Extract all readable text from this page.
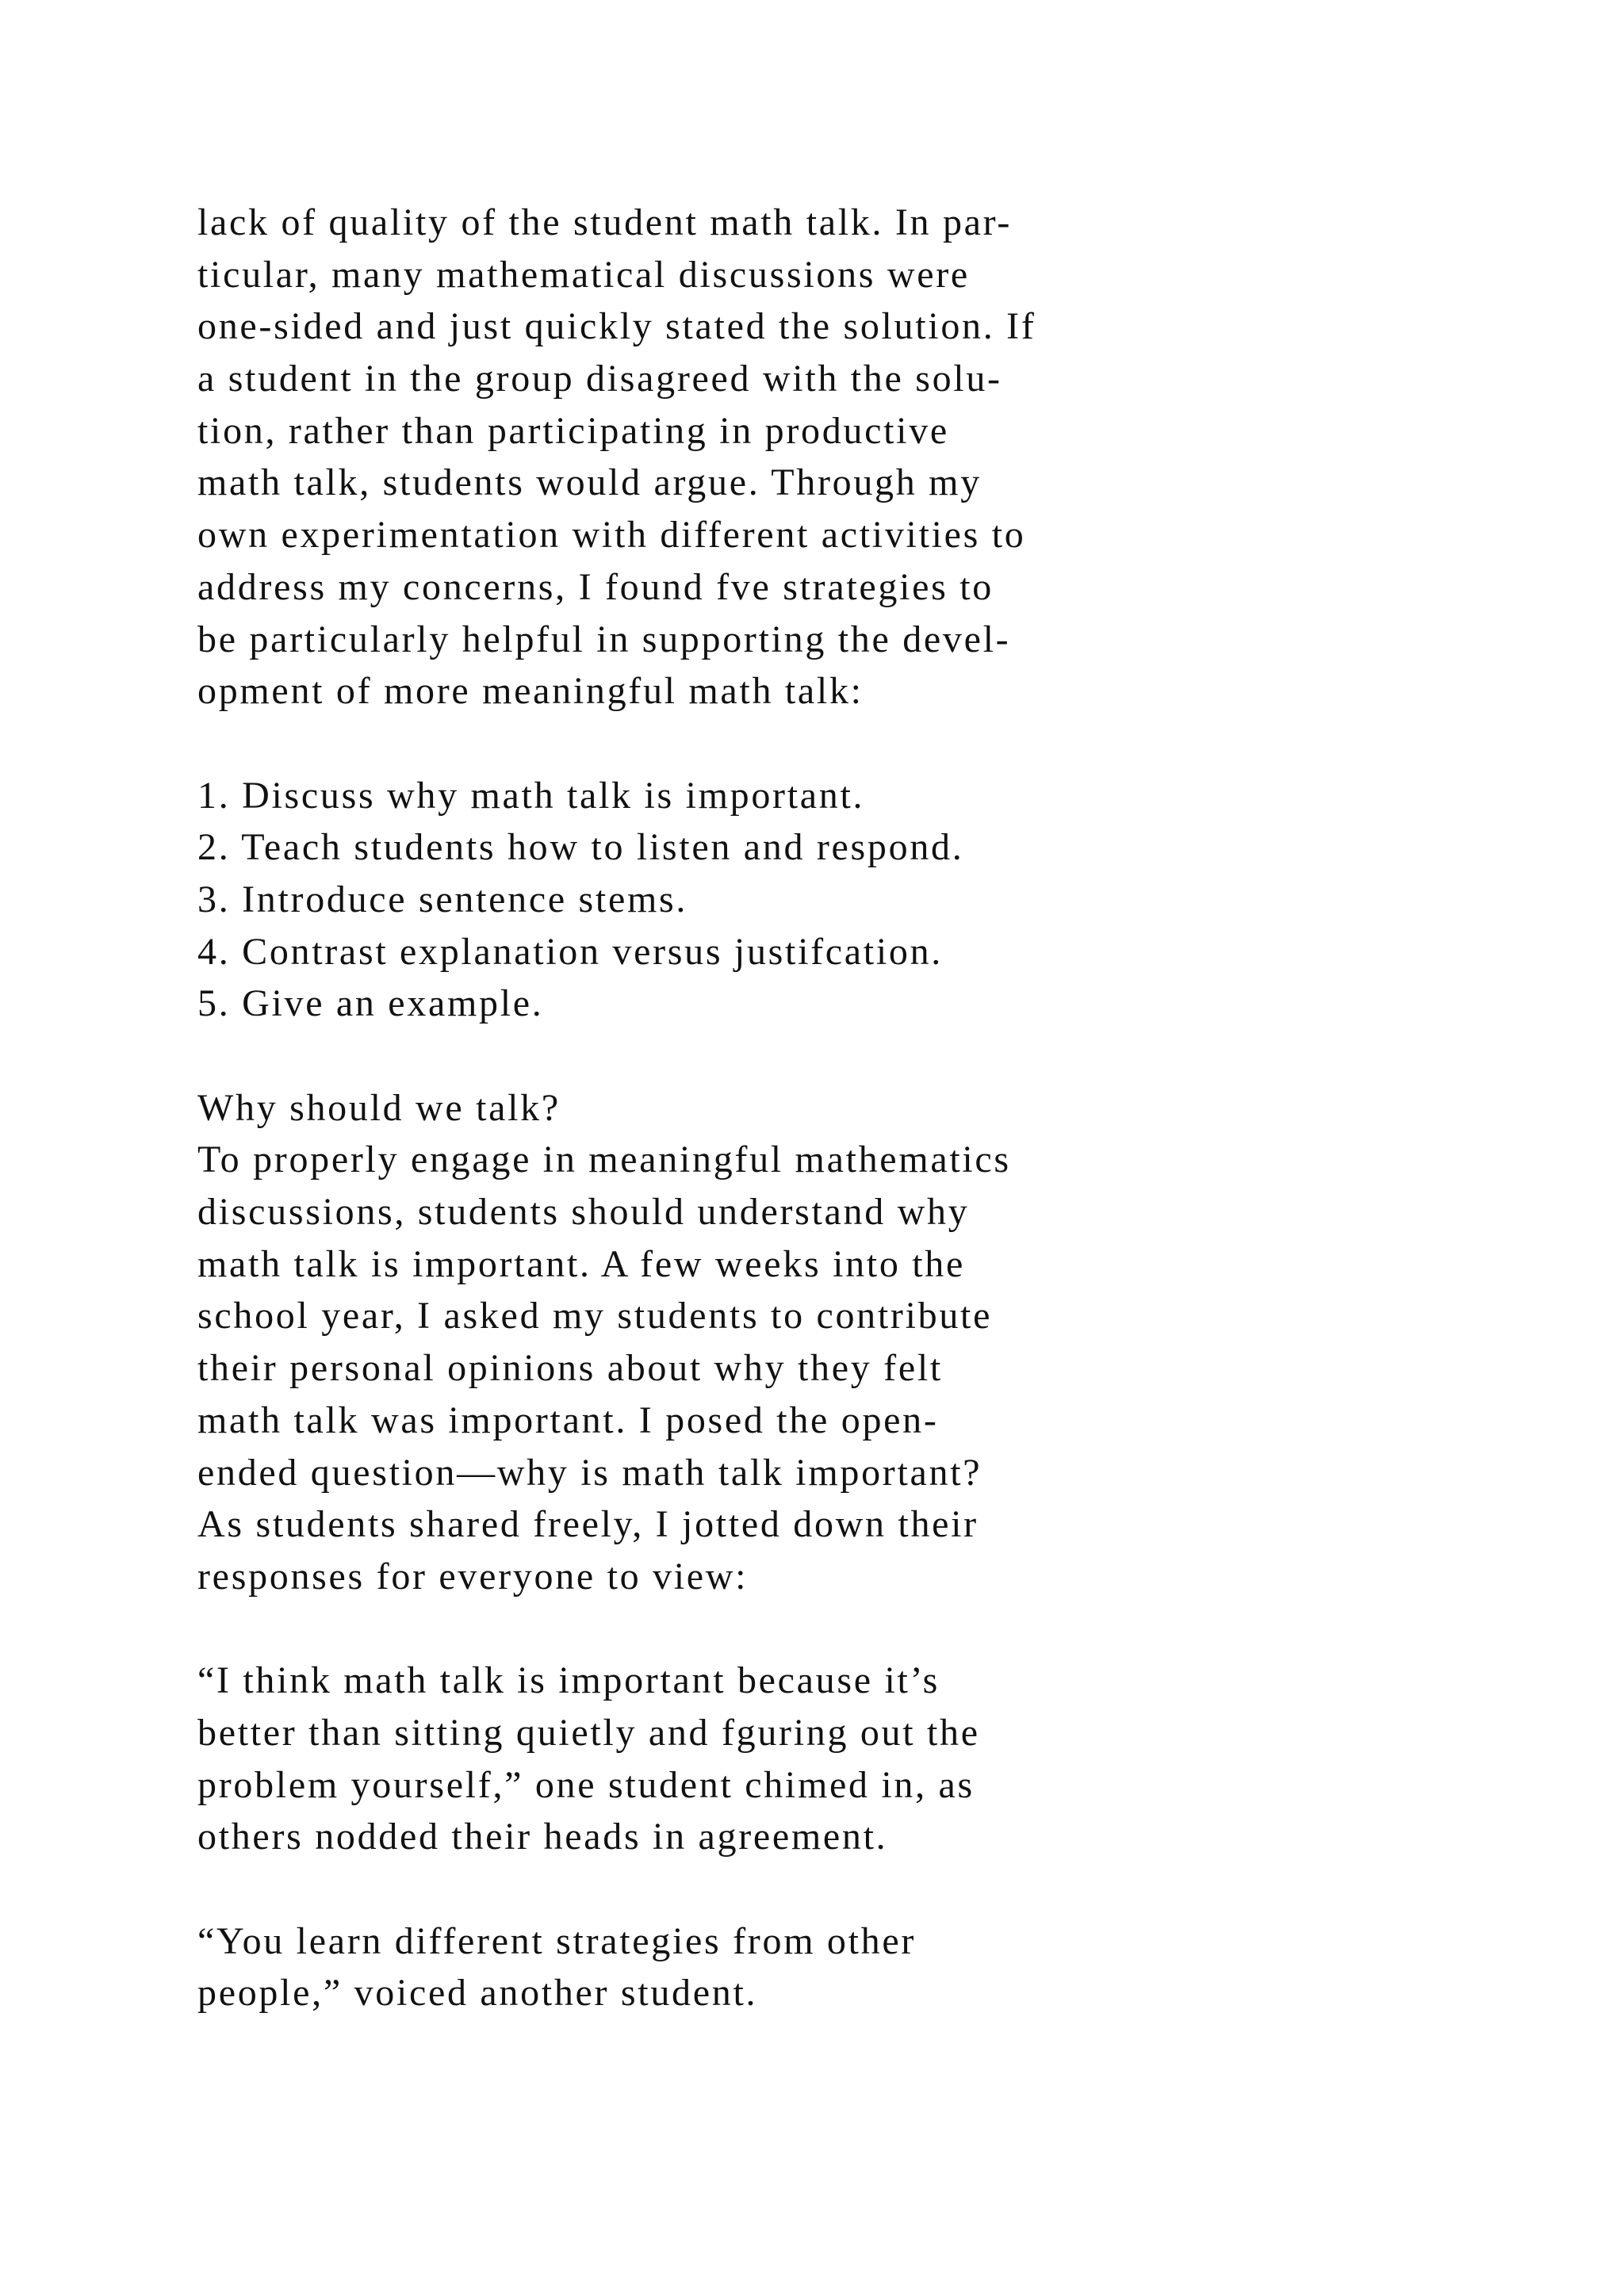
lack of quality of the student math talk. In par-
ticular, many mathematical discussions were
one-sided and just quickly stated the solution. If
a student in the group disagreed with the solu-
tion, rather than participating in productive
math talk, students would argue. Through my
own experimentation with different activities to
address my concerns, I found fve strategies to
be particularly helpful in supporting the devel-
opment of more meaningful math talk:
1. Discuss why math talk is important.
2. Teach students how to listen and respond.
3. Introduce sentence stems.
4. Contrast explanation versus justifcation.
5. Give an example.
Why should we talk?
To properly engage in meaningful mathematics
discussions, students should understand why
math talk is important. A few weeks into the
school year, I asked my students to contribute
their personal opinions about why they felt
math talk was important. I posed the open-
ended question—why is math talk important?
As students shared freely, I jotted down their
responses for everyone to view:
“I think math talk is important because it’s
better than sitting quietly and fguring out the
problem yourself,” one student chimed in, as
others nodded their heads in agreement.
“You learn different strategies from other
people,” voiced another student.
